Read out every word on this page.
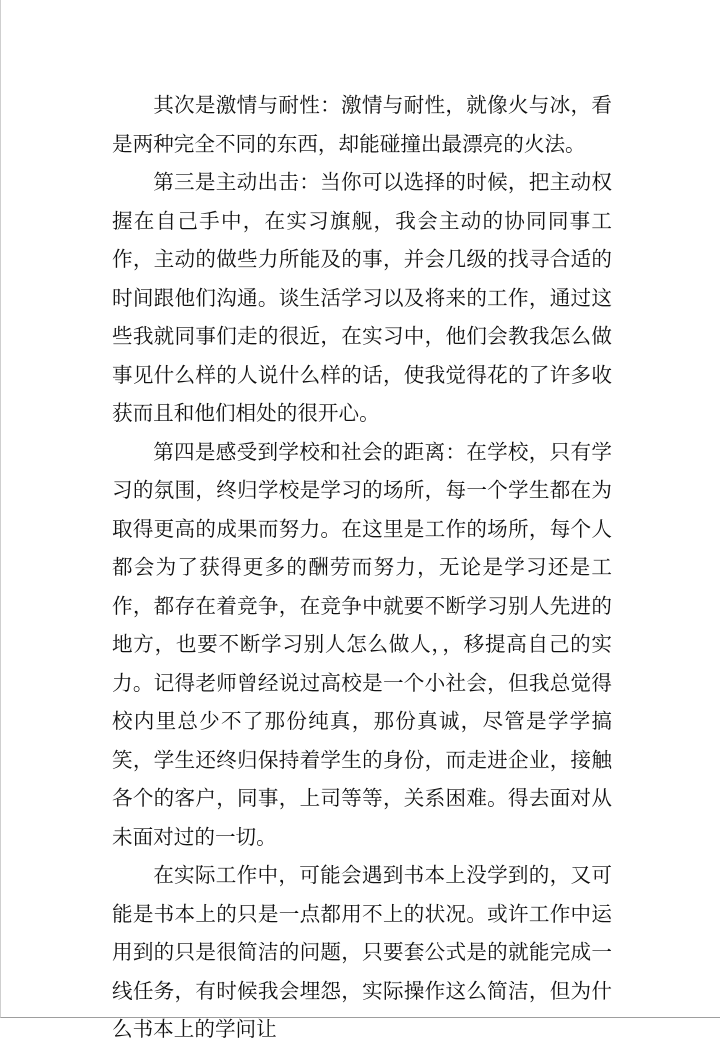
其次是激情与耐性：激情与耐性，就像火与冰，看是两种完全不同的东西，却能碰撞出最漂亮的火法。

第三是主动出击：当你可以选择的时候，把主动权握在自己手中，在实习旗舰，我会主动的协同同事工作，主动的做些力所能及的事，并会几级的找寻合适的时间跟他们沟通。谈生活学习以及将来的工作，通过这些我就同事们走的很近，在实习中，他们会教我怎么做事见什么样的人说什么样的话，使我觉得花的了许多收获而且和他们相处的很开心。

第四是感受到学校和社会的距离：在学校，只有学习的氛围，终归学校是学习的场所，每一个学生都在为取得更高的成果而努力。在这里是工作的场所，每个人都会为了获得更多的酬劳而努力，无论是学习还是工作，都存在着竞争，在竞争中就要不断学习别人先进的地方，也要不断学习别人怎么做人，，移提高自己的实力。记得老师曾经说过高校是一个小社会，但我总觉得校内里总少不了那份纯真，那份真诚，尽管是学学搞笑，学生还终归保持着学生的身份，而走进企业，接触各个的客户，同事，上司等等，关系困难。得去面对从未面对过的一切。

在实际工作中，可能会遇到书本上没学到的，又可能是书本上的只是一点都用不上的状况。或许工作中运用到的只是很简洁的问题，只要套公式是的就能完成一线任务，有时候我会埋怨，实际操作这么简洁，但为什么书本上的学问让
